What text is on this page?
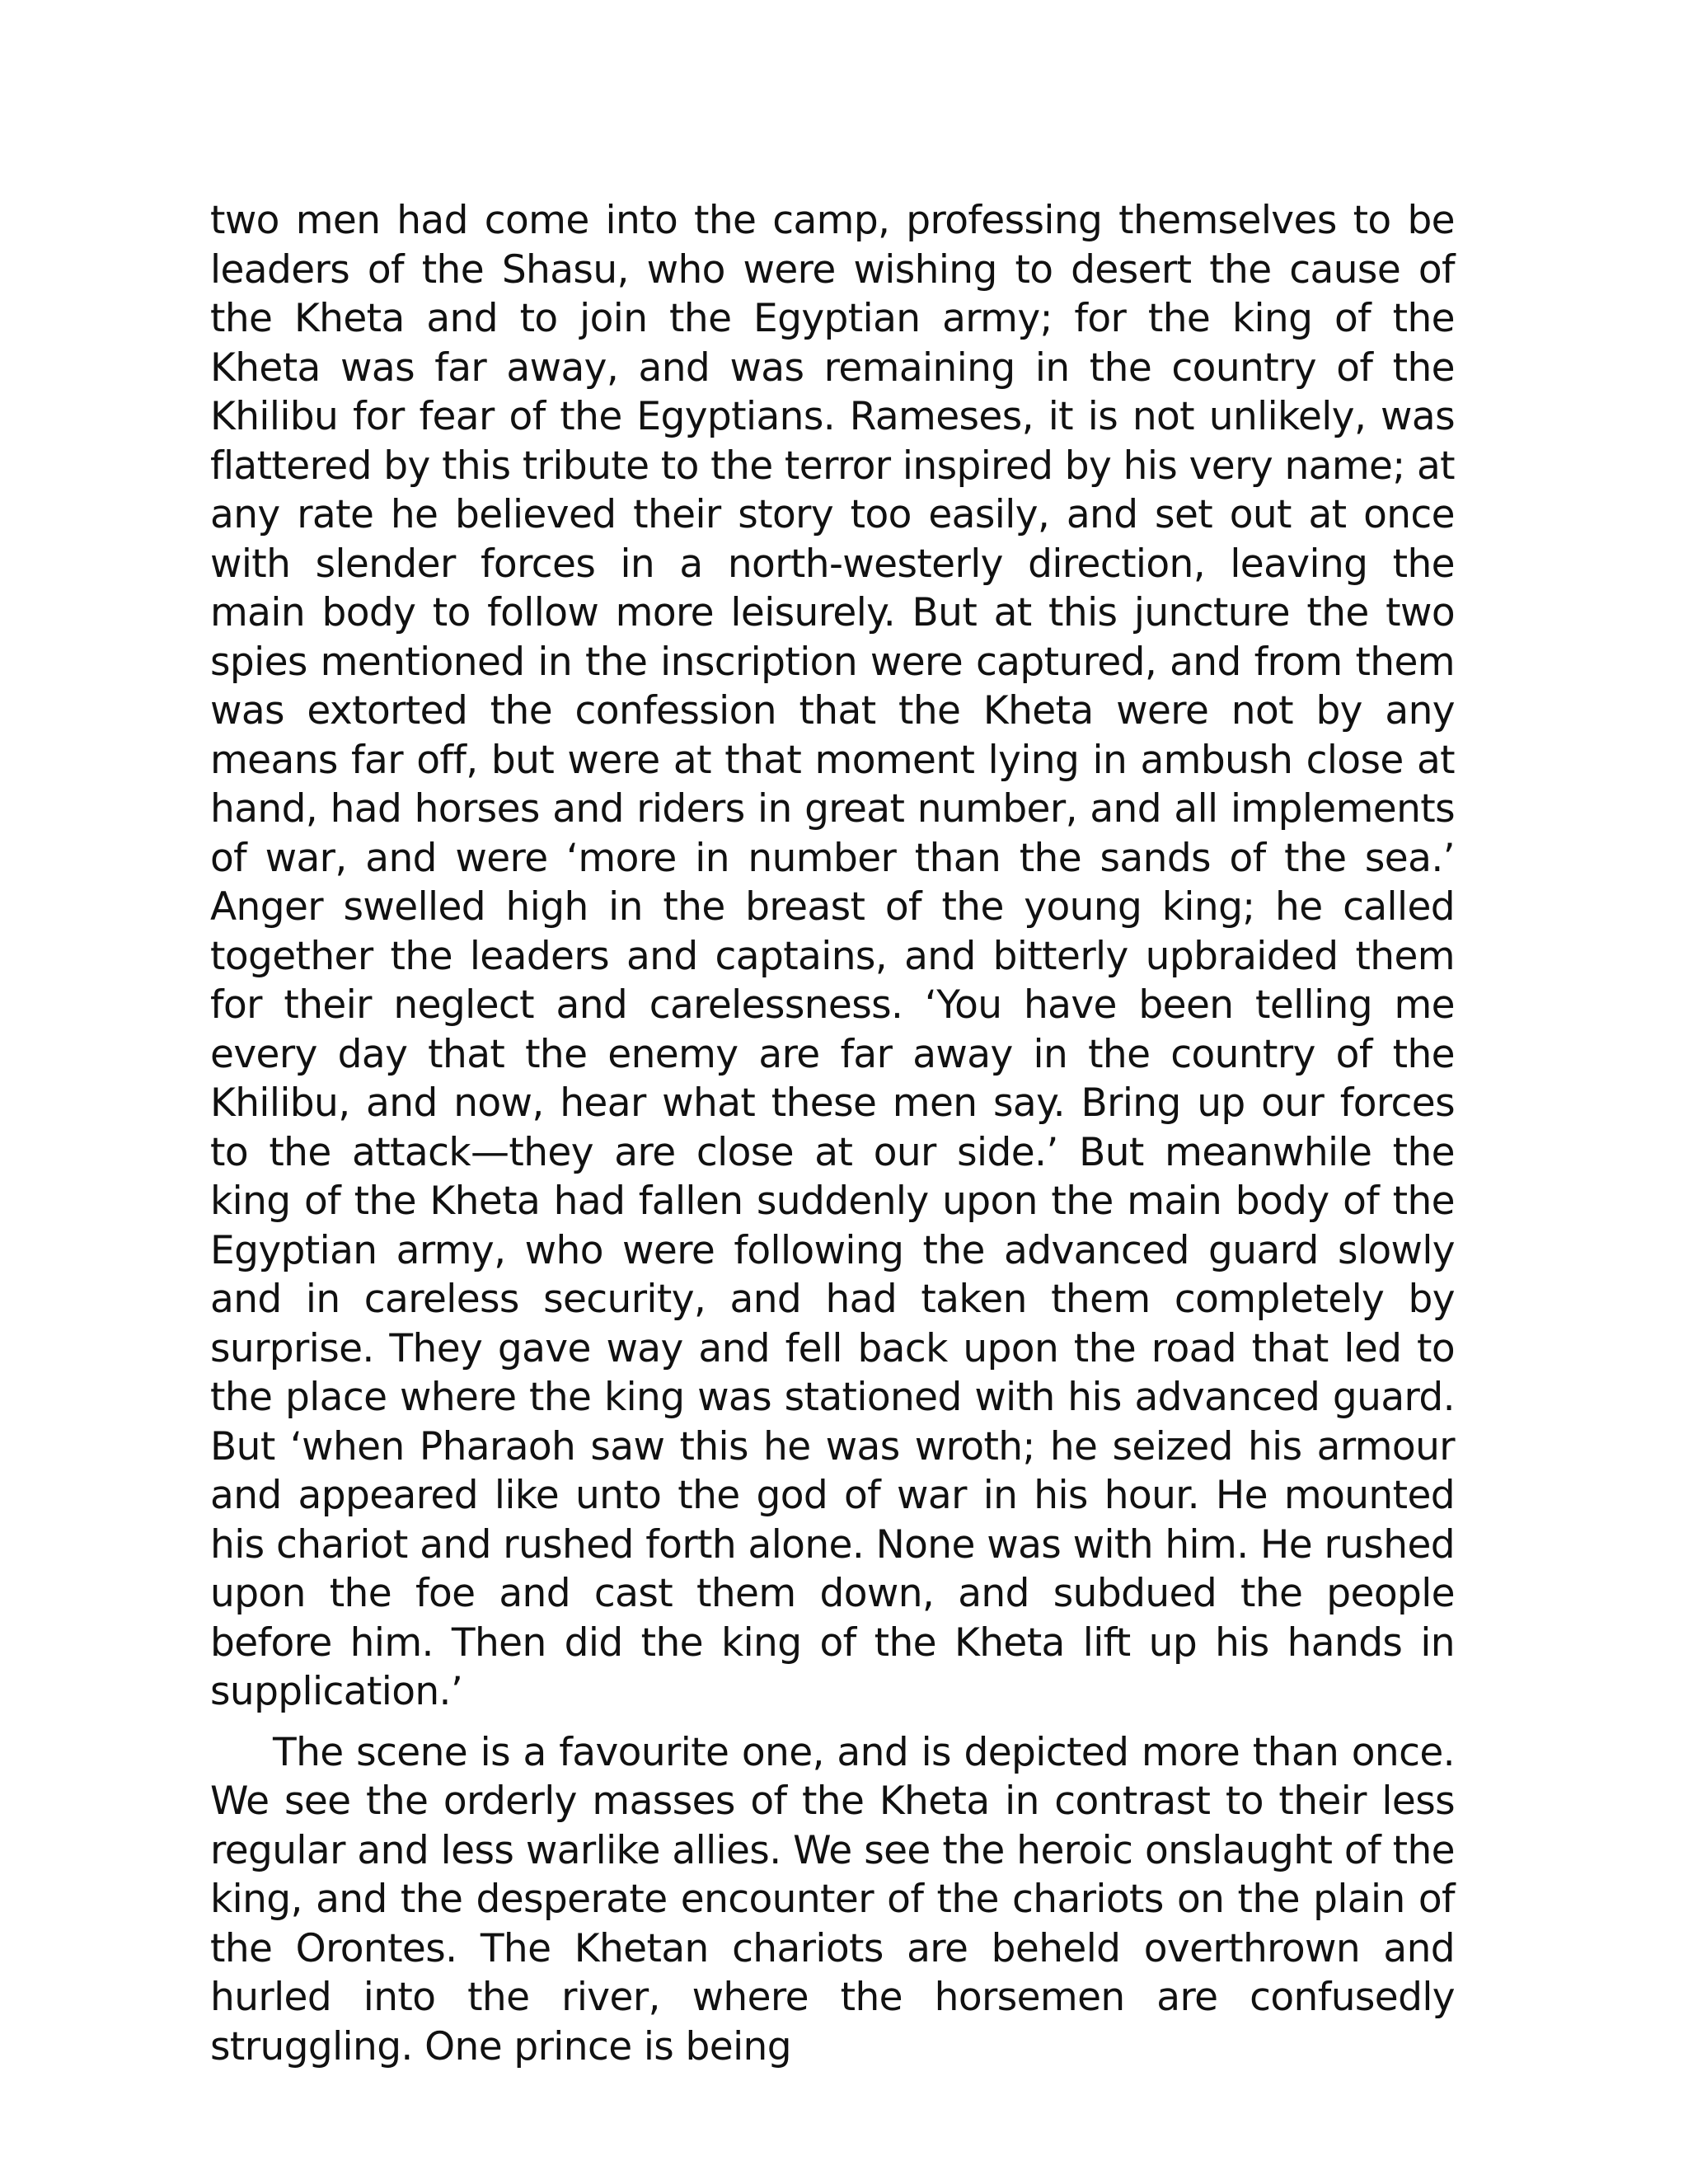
two men had come into the camp, professing themselves to be leaders of the Shasu, who were wishing to desert the cause of the Kheta and to join the Egyptian army; for the king of the Kheta was far away, and was remaining in the country of the Khilibu for fear of the Egyptians. Rameses, it is not unlikely, was flattered by this tribute to the terror inspired by his very name; at any rate he believed their story too easily, and set out at once with slender forces in a north-westerly direction, leaving the main body to follow more leisurely. But at this juncture the two spies mentioned in the inscription were captured, and from them was extorted the confession that the Kheta were not by any means far off, but were at that moment lying in ambush close at hand, had horses and riders in great number, and all implements of war, and were ‘more in number than the sands of the sea.’ Anger swelled high in the breast of the young king; he called together the leaders and captains, and bitterly upbraided them for their neglect and carelessness. ‘You have been telling me every day that the enemy are far away in the country of the Khilibu, and now, hear what these men say. Bring up our forces to the attack—they are close at our side.’ But meanwhile the king of the Kheta had fallen suddenly upon the main body of the Egyptian army, who were following the advanced guard slowly and in careless security, and had taken them completely by surprise. They gave way and fell back upon the road that led to the place where the king was stationed with his advanced guard. But ‘when Pharaoh saw this he was wroth; he seized his armour and appeared like unto the god of war in his hour. He mounted his chariot and rushed forth alone. None was with him. He rushed upon the foe and cast them down, and subdued the people before him. Then did the king of the Kheta lift up his hands in supplication.’

The scene is a favourite one, and is depicted more than once. We see the orderly masses of the Kheta in contrast to their less regular and less warlike allies. We see the heroic onslaught of the king, and the desperate encounter of the chariots on the plain of the Orontes. The Khetan chariots are beheld overthrown and hurled into the river, where the horsemen are confusedly struggling. One prince is being
